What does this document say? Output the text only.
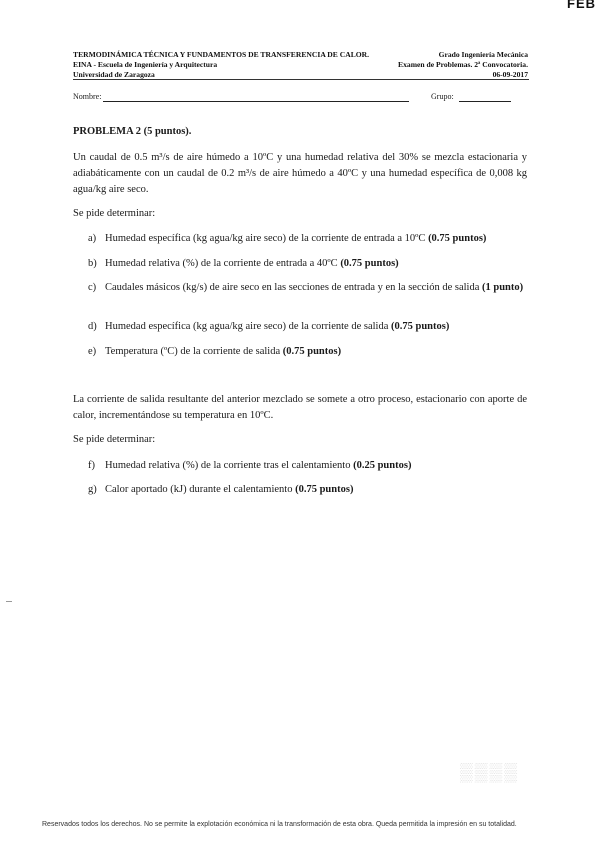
FEB
TERMODINÁMICA TÉCNICA Y FUNDAMENTOS DE TRANSFERENCIA DE CALOR.
EINA - Escuela de Ingeniería y Arquitectura
Universidad de Zaragoza
Grado Ingeniería Mecánica
Examen de Problemas. 2ª Convocatoria.
06-09-2017
Nombre:	Grupo:
PROBLEMA 2 (5 puntos).
Un caudal de 0.5 m³/s de aire húmedo a 10ºC y una humedad relativa del 30% se mezcla estacionaria y adiabáticamente con un caudal de 0.2 m³/s de aire húmedo a 40ºC y una humedad específica de 0,008 kg agua/kg aire seco.
Se pide determinar:
a) Humedad específica (kg agua/kg aire seco) de la corriente de entrada a 10ºC (0.75 puntos)
b) Humedad relativa (%) de la corriente de entrada a 40ºC (0.75 puntos)
c) Caudales másicos (kg/s) de aire seco en las secciones de entrada y en la sección de salida (1 punto)
d) Humedad específica (kg agua/kg aire seco) de la corriente de salida (0.75 puntos)
e) Temperatura (ºC) de la corriente de salida (0.75 puntos)
La corriente de salida resultante del anterior mezclado se somete a otro proceso, estacionario con aporte de calor, incrementándose su temperatura en 10ºC.
Se pide determinar:
f) Humedad relativa (%) de la corriente tras el calentamiento (0.25 puntos)
g) Calor aportado (kJ) durante el calentamiento (0.75 puntos)
▒▒▒▒
Reservados todos los derechos. No se permite la explotación económica ni la transformación de esta obra. Queda permitida la impresión en su totalidad.
